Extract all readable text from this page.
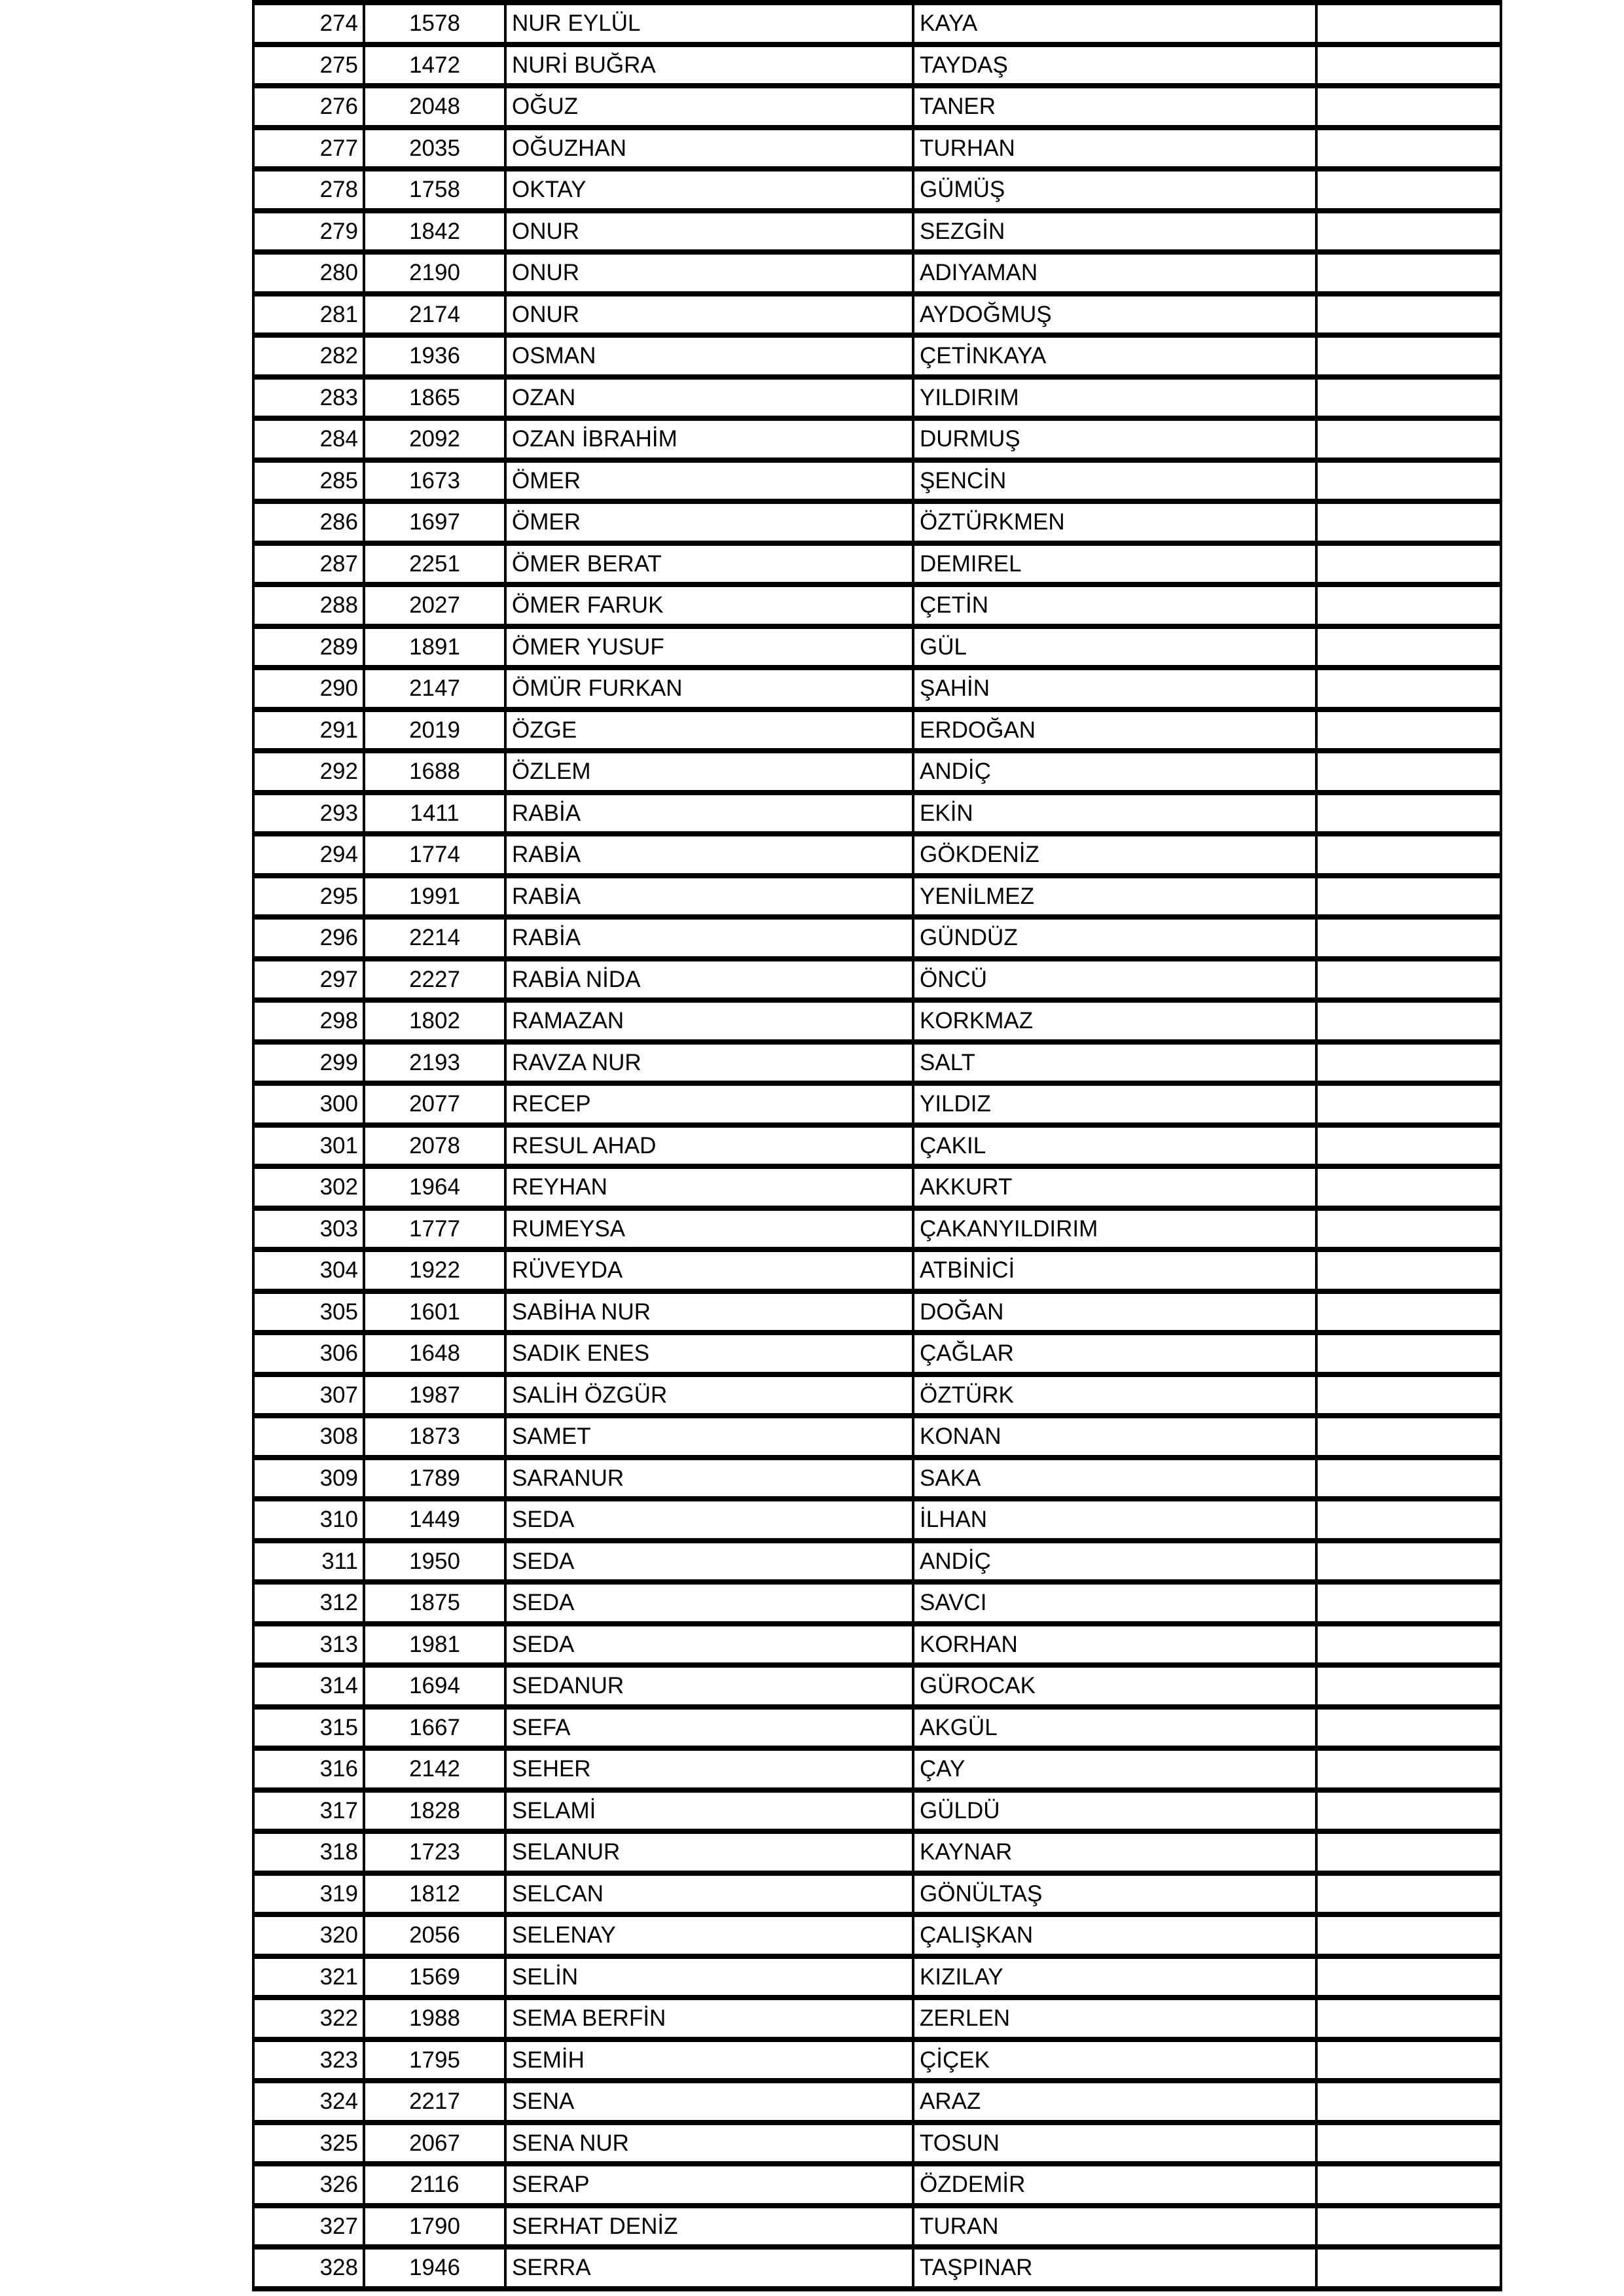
274	1578	NUR EYLÜL	KAYA	
275	1472	NURİ BUĞRA	TAYDAŞ	
276	2048	OĞUZ	TANER	
277	2035	OĞUZHAN	TURHAN	
278	1758	OKTAY	GÜMÜŞ	
279	1842	ONUR	SEZGİN	
280	2190	ONUR	ADIYAMAN	
281	2174	ONUR	AYDOĞMUŞ	
282	1936	OSMAN	ÇETİNKAYA	
283	1865	OZAN	YILDIRIM	
284	2092	OZAN İBRAHİM	DURMUŞ	
285	1673	ÖMER	ŞENCİN	
286	1697	ÖMER	ÖZTÜRKMEN	
287	2251	ÖMER BERAT	DEMIREL	
288	2027	ÖMER FARUK	ÇETİN	
289	1891	ÖMER YUSUF	GÜL	
290	2147	ÖMÜR FURKAN	ŞAHİN	
291	2019	ÖZGE	ERDOĞAN	
292	1688	ÖZLEM	ANDİÇ	
293	1411	RABİA	EKİN	
294	1774	RABİA	GÖKDENİZ	
295	1991	RABİA	YENİLMEZ	
296	2214	RABİA	GÜNDÜZ	
297	2227	RABİA NİDA	ÖNCÜ	
298	1802	RAMAZAN	KORKMAZ	
299	2193	RAVZA NUR	SALT	
300	2077	RECEP	YILDIZ	
301	2078	RESUL AHAD	ÇAKIL	
302	1964	REYHAN	AKKURT	
303	1777	RUMEYSA	ÇAKANYILDIRIM	
304	1922	RÜVEYDA	ATBİNİCİ	
305	1601	SABİHA NUR	DOĞAN	
306	1648	SADIK ENES	ÇAĞLAR	
307	1987	SALİH ÖZGÜR	ÖZTÜRK	
308	1873	SAMET	KONAN	
309	1789	SARANUR	SAKA	
310	1449	SEDA	İLHAN	
311	1950	SEDA	ANDİÇ	
312	1875	SEDA	SAVCI	
313	1981	SEDA	KORHAN	
314	1694	SEDANUR	GÜROCAK	
315	1667	SEFA	AKGÜL	
316	2142	SEHER	ÇAY	
317	1828	SELAMİ	GÜLDÜ	
318	1723	SELANUR	KAYNAR	
319	1812	SELCAN	GÖNÜLTAŞ	
320	2056	SELENAY	ÇALIŞKAN	
321	1569	SELİN	KIZILAY	
322	1988	SEMA BERFİN	ZERLEN	
323	1795	SEMİH	ÇİÇEK	
324	2217	SENA	ARAZ	
325	2067	SENA NUR	TOSUN	
326	2116	SERAP	ÖZDEMİR	
327	1790	SERHAT DENİZ	TURAN	
328	1946	SERRA	TAŞPINAR	
